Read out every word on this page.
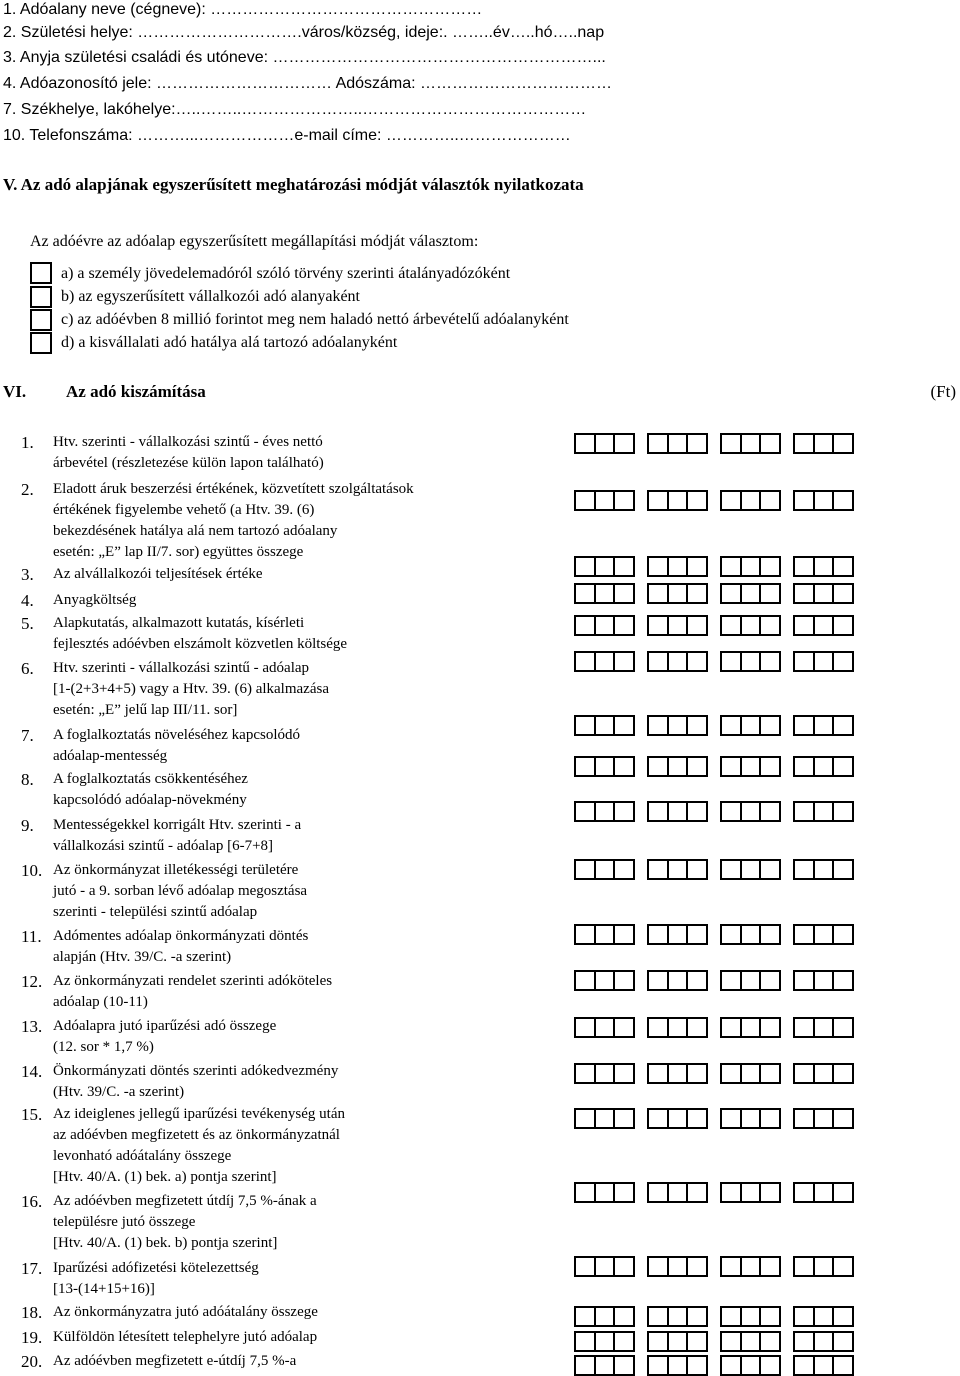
1. Adóalany neve (cégneve): ……………………………………………
2. Születési helye: ………………………….város/község, ideje:. ……..év…..hó…..nap
3. Anyja születési családi és utóneve: ……………………………………………………...
4. Adóazonosító jele: …………………………… Adószáma: ………………………………
7. Székhelye, lakóhelye:…..……..…………………..……………………………………
10. Telefonszáma: ………...………………e-mail címe: …………..…………………
V. Az adó alapjának egyszerűsített meghatározási módját választók nyilatkozata
Az adóévre az adóalap egyszerűsített megállapítási módját választom:
a) a személy jövedelemadóról szóló törvény szerinti átalányadózóként
b) az egyszerűsített vállalkozói adó alanyaként
c) az adóévben 8 millió forintot meg nem haladó nettó árbevételű adóalanyként
d) a kisvállalati adó hatálya alá tartozó adóalanyként
VI. Az adó kiszámítása	(Ft)
1. Htv. szerinti - vállalkozási szintű - éves nettó
árbevétel (részletezése külön lapon található)
2. Eladott áruk beszerzési értékének, közvetített szolgáltatások
értékének figyelembe vehető (a Htv. 39. (6)
bekezdésének hatálya alá nem tartozó adóalany
esetén: „E” lap II/7. sor) együttes összege
3. Az alvállalkozói teljesítések értéke
4. Anyagköltség
5. Alapkutatás, alkalmazott kutatás, kísérleti
fejlesztés adóévben elszámolt közvetlen költsége
6. Htv. szerinti - vállalkozási szintű - adóalap
[1-(2+3+4+5) vagy a Htv. 39. (6) alkalmazása
esetén: „E” jelű lap III/11. sor]
7. A foglalkoztatás növeléséhez kapcsolódó
adóalap-mentesség
8. A foglalkoztatás csökkentéséhez
kapcsolódó adóalap-növekmény
9. Mentességekkel korrigált Htv. szerinti - a
vállalkozási szintű - adóalap [6-7+8]
10. Az önkormányzat illetékességi területére
jutó - a 9. sorban lévő adóalap megosztása
szerinti - települési szintű adóalap
11. Adómentes adóalap önkormányzati döntés
alapján (Htv. 39/C. -a szerint)
12. Az önkormányzati rendelet szerinti adóköteles
adóalap (10-11)
13. Adóalapra jutó iparűzési adó összege
(12. sor * 1,7 %)
14. Önkormányzati döntés szerinti adókedvezmény
(Htv. 39/C. -a szerint)
15. Az ideiglenes jellegű iparűzési tevékenység után
az adóévben megfizetett és az önkormányzatnál
levonható adóátalány összege
[Htv. 40/A. (1) bek. a) pontja szerint]
16. Az adóévben megfizetett útdíj 7,5 %-ának a
településre jutó összege
[Htv. 40/A. (1) bek. b) pontja szerint]
17. Iparűzési adófizetési kötelezettség
[13-(14+15+16)]
18. Az önkormányzatra jutó adóátalány összege
19. Külföldön létesített telephelyre jutó adóalap
20. Az adóévben megfizetett e-útdíj 7,5 %-a
